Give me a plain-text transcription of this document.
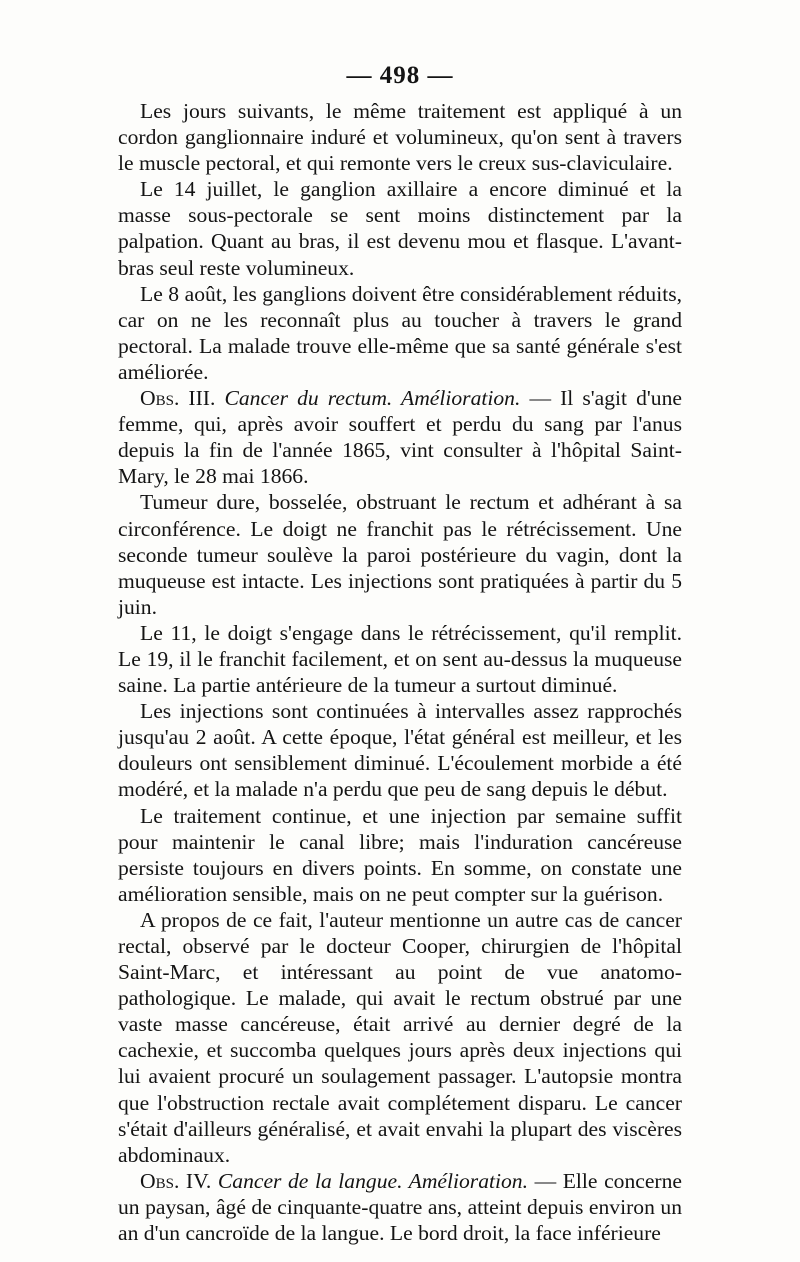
— 498 —

Les jours suivants, le même traitement est appliqué à un cordon ganglionnaire induré et volumineux, qu'on sent à travers le muscle pectoral, et qui remonte vers le creux sus-claviculaire.

Le 14 juillet, le ganglion axillaire a encore diminué et la masse sous-pectorale se sent moins distinctement par la palpation. Quant au bras, il est devenu mou et flasque. L'avant-bras seul reste volumineux.

Le 8 août, les ganglions doivent être considérablement réduits, car on ne les reconnaît plus au toucher à travers le grand pectoral. La malade trouve elle-même que sa santé générale s'est améliorée.

Obs. III. Cancer du rectum. Amélioration. — Il s'agit d'une femme, qui, après avoir souffert et perdu du sang par l'anus depuis la fin de l'année 1865, vint consulter à l'hôpital Saint-Mary, le 28 mai 1866.

Tumeur dure, bosselée, obstruant le rectum et adhérant à sa circonférence. Le doigt ne franchit pas le rétrécissement. Une seconde tumeur soulève la paroi postérieure du vagin, dont la muqueuse est intacte. Les injections sont pratiquées à partir du 5 juin.

Le 11, le doigt s'engage dans le rétrécissement, qu'il remplit. Le 19, il le franchit facilement, et on sent au-dessus la muqueuse saine. La partie antérieure de la tumeur a surtout diminué.

Les injections sont continuées à intervalles assez rapprochés jusqu'au 2 août. A cette époque, l'état général est meilleur, et les douleurs ont sensiblement diminué. L'écoulement morbide a été modéré, et la malade n'a perdu que peu de sang depuis le début.

Le traitement continue, et une injection par semaine suffit pour maintenir le canal libre; mais l'induration cancéreuse persiste toujours en divers points. En somme, on constate une amélioration sensible, mais on ne peut compter sur la guérison.

A propos de ce fait, l'auteur mentionne un autre cas de cancer rectal, observé par le docteur Cooper, chirurgien de l'hôpital Saint-Marc, et intéressant au point de vue anatomo-pathologique. Le malade, qui avait le rectum obstrué par une vaste masse cancéreuse, était arrivé au dernier degré de la cachexie, et succomba quelques jours après deux injections qui lui avaient procuré un soulagement passager. L'autopsie montra que l'obstruction rectale avait complétement disparu. Le cancer s'était d'ailleurs généralisé, et avait envahi la plupart des viscères abdominaux.

Obs. IV. Cancer de la langue. Amélioration. — Elle concerne un paysan, âgé de cinquante-quatre ans, atteint depuis environ un an d'un cancroïde de la langue. Le bord droit, la face inférieure
